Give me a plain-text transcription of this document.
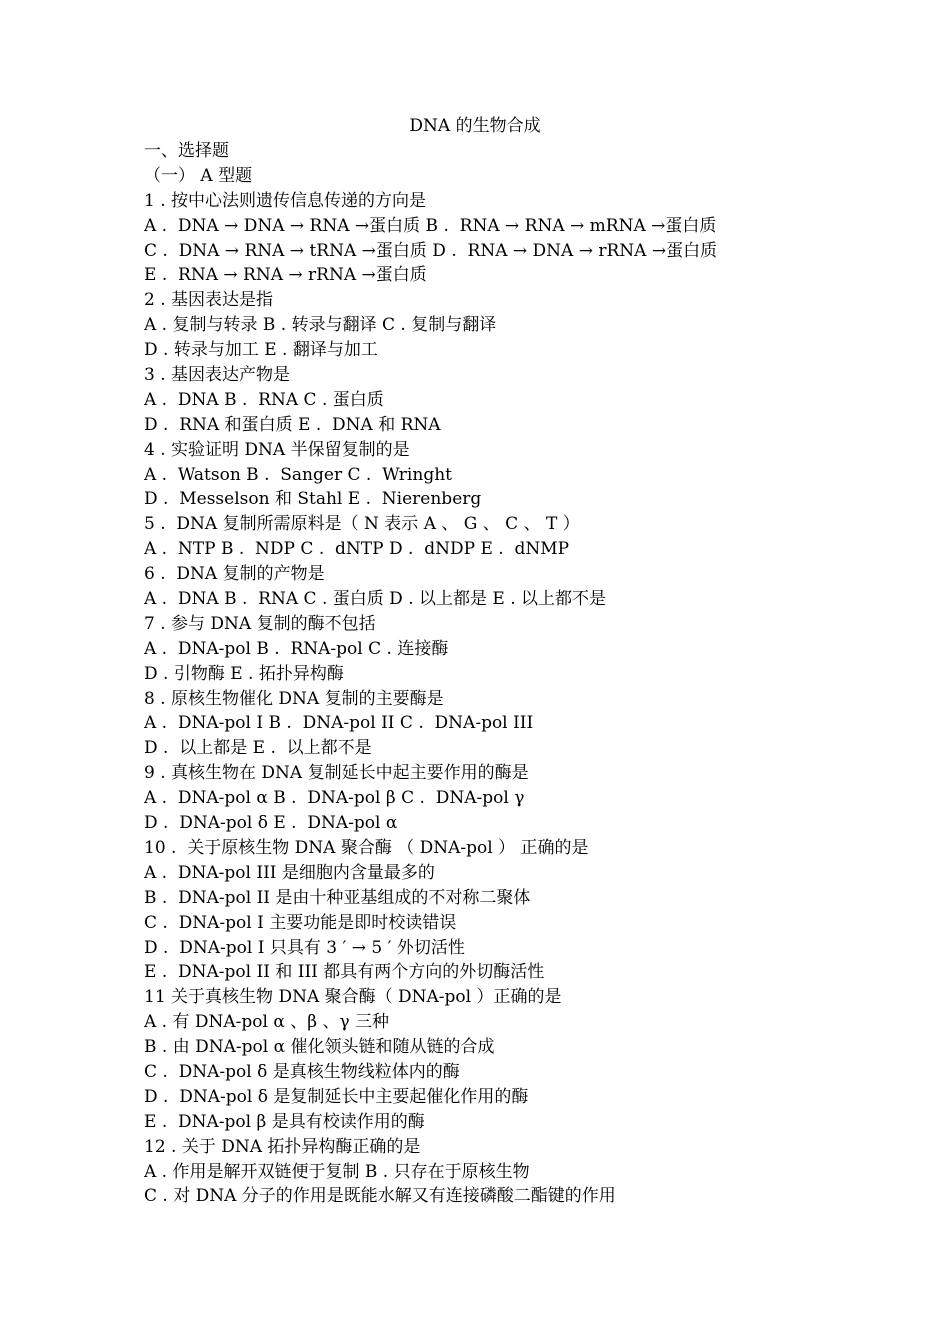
DNA 的生物合成
一、选择题
（一） A 型题
1 . 按中心法则遗传信息传递的方向是
A .  DNA → DNA → RNA →蛋白质 B .  RNA → RNA → mRNA →蛋白质
C .  DNA → RNA → tRNA →蛋白质 D .  RNA → DNA → rRNA →蛋白质
E .  RNA → RNA → rRNA →蛋白质
2 . 基因表达是指
A . 复制与转录 B . 转录与翻译 C . 复制与翻译
D . 转录与加工 E . 翻译与加工
3 . 基因表达产物是
A .  DNA B .  RNA C . 蛋白质
D .  RNA 和蛋白质 E .  DNA 和 RNA
4 . 实验证明 DNA 半保留复制的是
A .  Watson B .  Sanger C .  Wringht
D .  Messelson 和 Stahl E .  Nierenberg
5 .  DNA 复制所需原料是（ N 表示 A 、 G 、 C 、 T ）
A .  NTP B .  NDP C .  dNTP D .  dNDP E .  dNMP
6 .  DNA 复制的产物是
A .  DNA B .  RNA C . 蛋白质 D . 以上都是 E . 以上都不是
7 . 参与 DNA 复制的酶不包括
A .  DNA-pol B .  RNA-pol C . 连接酶
D . 引物酶 E . 拓扑异构酶
8 . 原核生物催化 DNA 复制的主要酶是
A .  DNA-pol I B .  DNA-pol II C .  DNA-pol III
D .  以上都是 E .  以上都不是
9 . 真核生物在 DNA 复制延长中起主要作用的酶是
A .  DNA-pol α B .  DNA-pol β C .  DNA-pol γ
D .  DNA-pol δ E .  DNA-pol α
10 .  关于原核生物 DNA 聚合酶 （ DNA-pol ） 正确的是
A .  DNA-pol III 是细胞内含量最多的
B .  DNA-pol II 是由十种亚基组成的不对称二聚体
C .  DNA-pol I 主要功能是即时校读错误
D .  DNA-pol I 只具有 3 ′ → 5 ′ 外切活性
E .  DNA-pol II 和 III 都具有两个方向的外切酶活性
11 关于真核生物 DNA 聚合酶（ DNA-pol ）正确的是
A . 有 DNA-pol α 、β 、γ 三种
B . 由 DNA-pol α 催化领头链和随从链的合成
C .  DNA-pol δ 是真核生物线粒体内的酶
D .  DNA-pol δ 是复制延长中主要起催化作用的酶
E .  DNA-pol β 是具有校读作用的酶
12 . 关于 DNA 拓扑异构酶正确的是
A . 作用是解开双链便于复制 B . 只存在于原核生物
C . 对 DNA 分子的作用是既能水解又有连接磷酸二酯键的作用
